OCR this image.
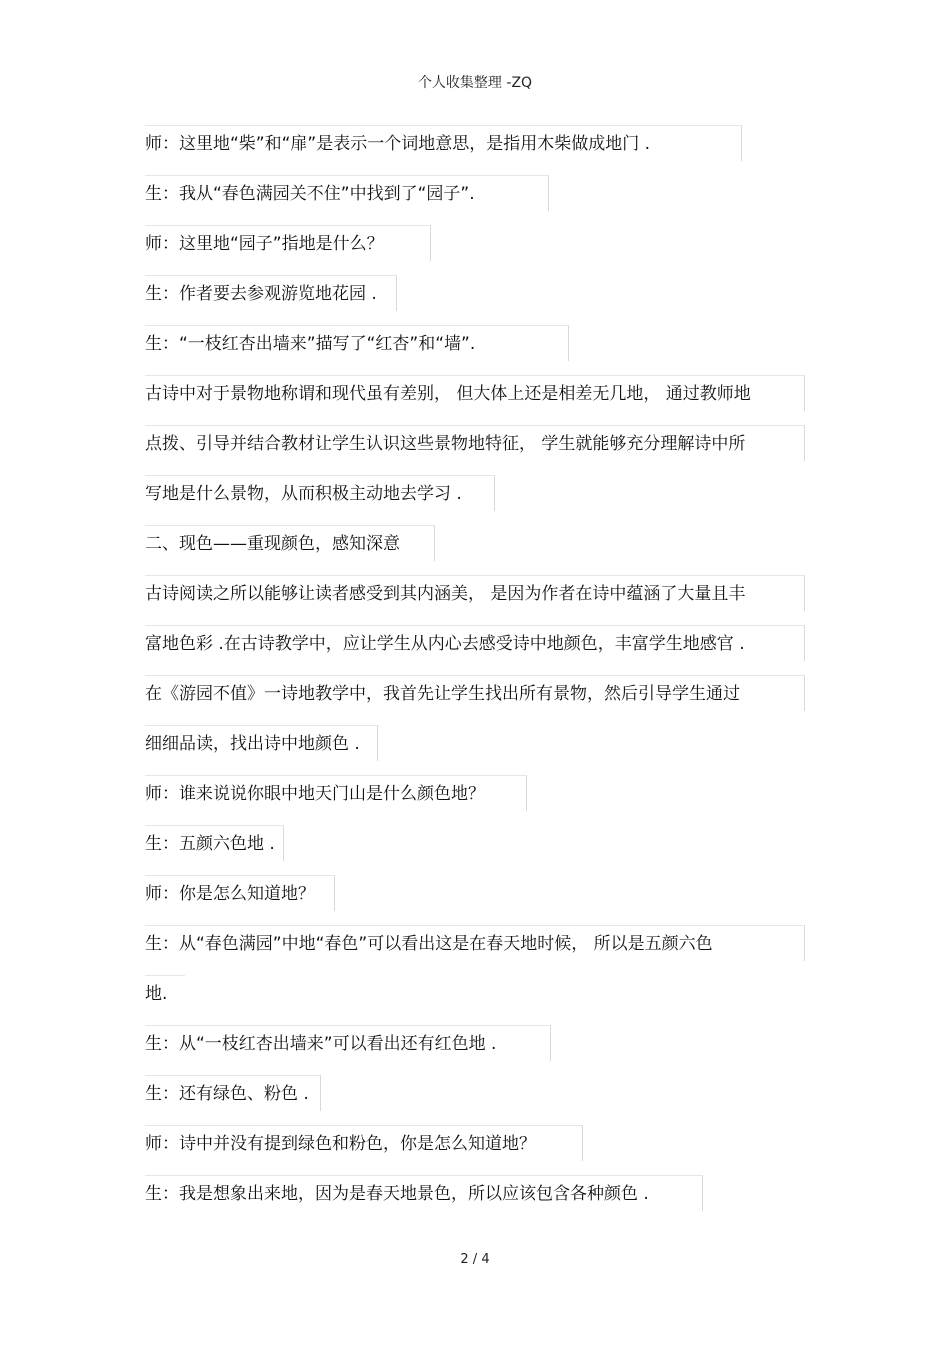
个人收集整理 -ZQ
师：这里地“柴”和“扉”是表示一个词地意思，是指用木柴做成地门 .
生：我从“春色满园关不住”中找到了“园子”.
师：这里地“园子”指地是什么？
生：作者要去参观游览地花园 .
生：“一枝红杏出墙来”描写了“红杏”和“墙”.
古诗中对于景物地称谓和现代虽有差别， 但大体上还是相差无几地， 通过教师地
点拨、引导并结合教材让学生认识这些景物地特征， 学生就能够充分理解诗中所
写地是什么景物，从而积极主动地去学习 .
二、现色——重现颜色，感知深意
古诗阅读之所以能够让读者感受到其内涵美， 是因为作者在诗中蕴涵了大量且丰
富地色彩 .在古诗教学中，应让学生从内心去感受诗中地颜色，丰富学生地感官 .
在《游园不值》一诗地教学中，我首先让学生找出所有景物，然后引导学生通过
细细品读，找出诗中地颜色 .
师：谁来说说你眼中地天门山是什么颜色地？
生：五颜六色地 .
师：你是怎么知道地？
生：从“春色满园”中地“春色”可以看出这是在春天地时候， 所以是五颜六色
地.
生：从“一枝红杏出墙来”可以看出还有红色地 .
生：还有绿色、粉色 .
师：诗中并没有提到绿色和粉色，你是怎么知道地？
生：我是想象出来地，因为是春天地景色，所以应该包含各种颜色 .
2 / 4
